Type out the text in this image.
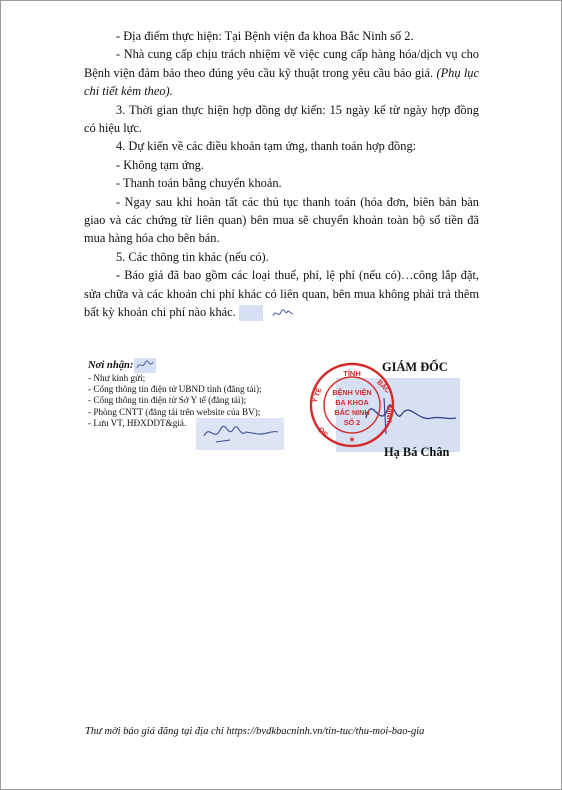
- Địa điểm thực hiện: Tại Bệnh viện đa khoa Bắc Ninh số 2.

- Nhà cung cấp chịu trách nhiệm về việc cung cấp hàng hóa/dịch vụ cho Bệnh viện đảm bảo theo đúng yêu cầu kỹ thuật trong yêu cầu báo giá. (Phụ lục chi tiết kèm theo).

3. Thời gian thực hiện hợp đồng dự kiến: 15 ngày kể từ ngày hợp đồng có hiệu lực.

4. Dự kiến về các điều khoản tạm ứng, thanh toán hợp đồng:

- Không tạm ứng.

- Thanh toán bằng chuyển khoản.

- Ngay sau khi hoàn tất các thủ tục thanh toán (hóa đơn, biên bản bàn giao và các chứng từ liên quan) bên mua sẽ chuyển khoản toàn bộ số tiền đã mua hàng hóa cho bên bán.

5. Các thông tin khác (nếu có).

- Báo giá đã bao gồm các loại thuế, phí, lệ phí (nếu có)…công lắp đặt, sửa chữa và các khoản chi phí khác có liên quan, bên mua không phải trả thêm bất kỳ khoản chi phí nào khác.

Nơi nhận:
- Như kính gửi;
- Cổng thông tin điện tử UBND tỉnh (đăng tải);
- Cổng thông tin điện tử Sở Y tế (đăng tải);
- Phòng CNTT (đăng tải trên website của BV);
- Lưu VT, HĐXDDT&giá.
TỈNH
BẮC
NINH
Y TẾ
SỞ
BỆNH VIỆN
ĐA KHOA
BẮC NINH
SỐ 2
★
GIÁM ĐỐC
Hạ Bá Chân
Thư mời báo giá đăng tại địa chỉ https://bvdkbacninh.vn/tin-tuc/thu-moi-bao-gia
